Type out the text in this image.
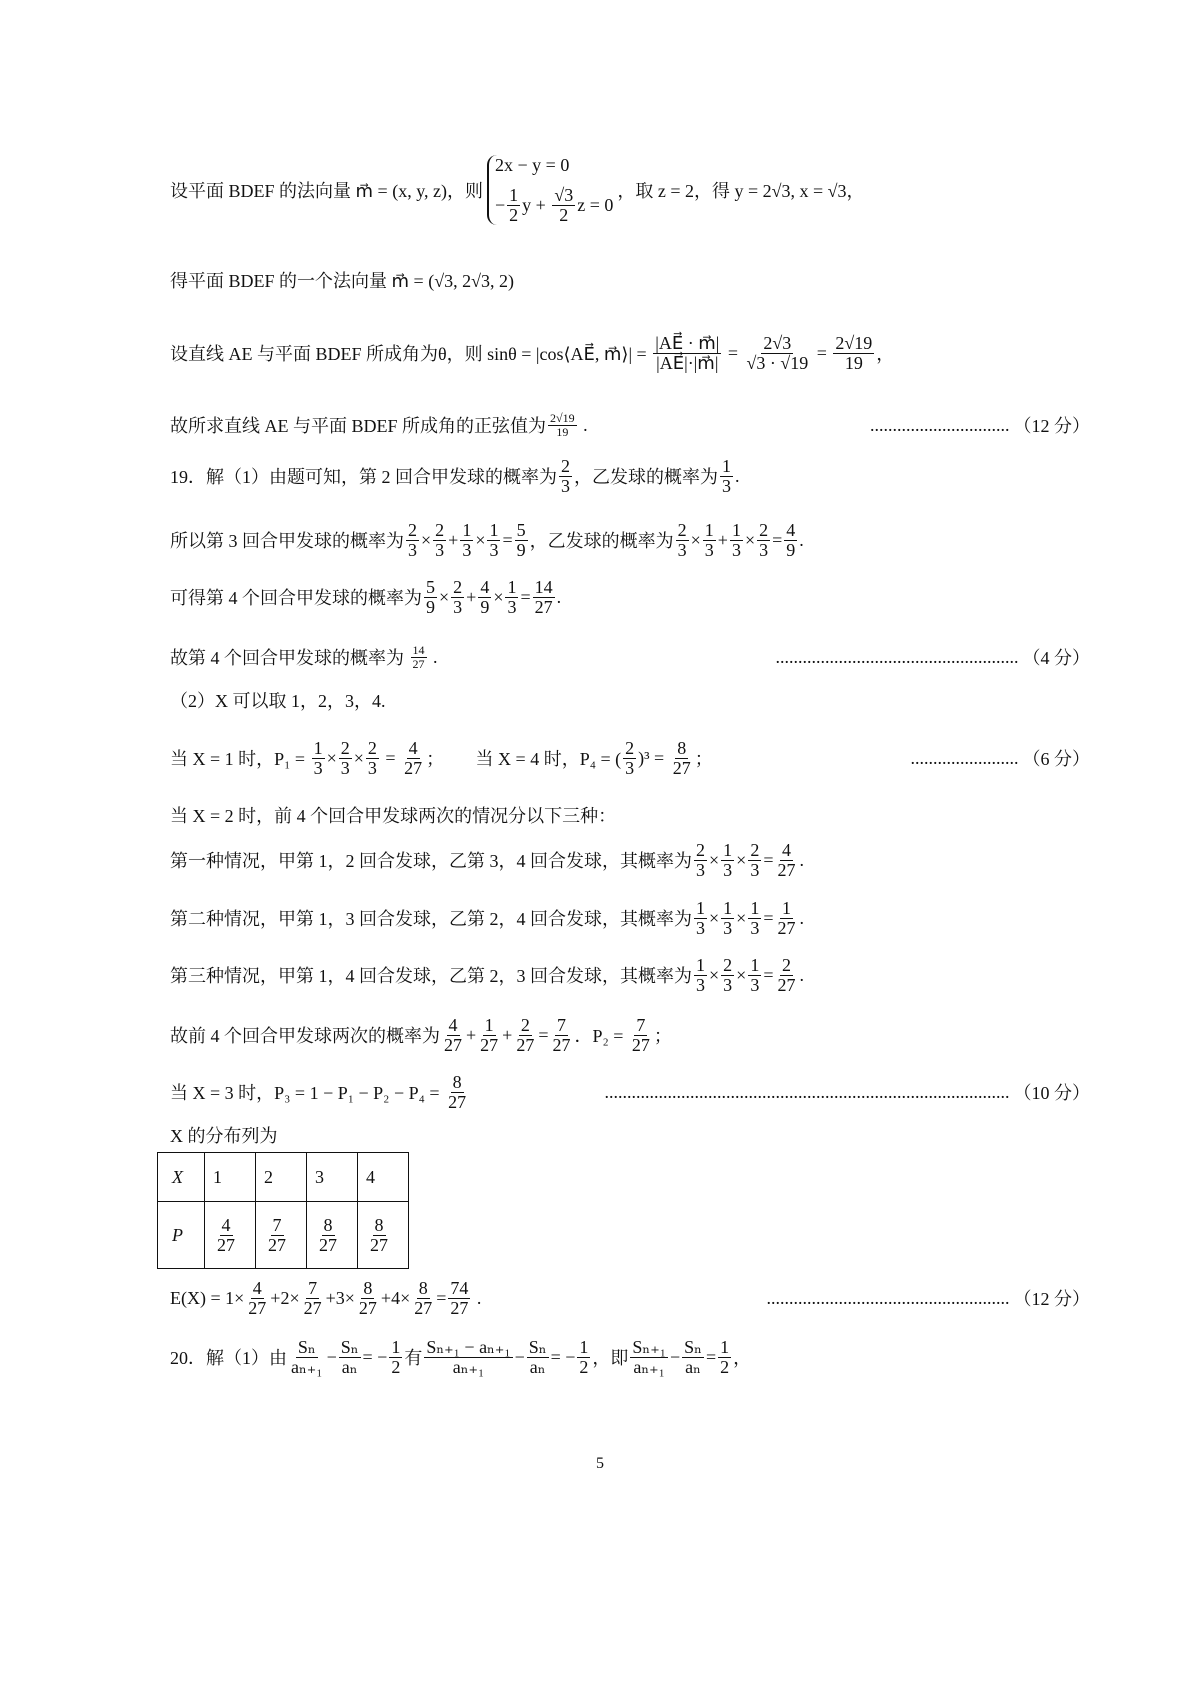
设平面 BDEF 的法向量 m⃗ = (x, y, z)，则
2x − y = 0
− $\frac{1}{2}$ $y + \frac{√3}{2}$ z = 0
，取 z = 2，得 y = 2√3, x = √3，
得平面 BDEF 的一个法向量 m⃗ = (√3, 2√3, 2)
设直线 AE 与平面 BDEF 所成角为θ，则 sinθ = |cos⟨AE⃗, m⃗⟩| = $\frac{|AE⃗ \cdot m⃗|}{|AE⃗|\cdot|m⃗|} = \frac{2√3}{√3 \cdot √19} = \frac{2√19}{19}$ ，
故所求直线 AE 与平面 BDEF 所成角的正弦值为 $\frac{2√19}{19}$ .	............................... （12 分）
19．解（1）由题可知，第 2 回合甲发球的概率为 $\frac{2}{3}$ ，乙发球的概率为 $\frac{1}{3}$ .
所以第 3 回合甲发球的概率为 $\frac{2}{3} \times \frac{2}{3} + \frac{1}{3} \times \frac{1}{3} = \frac{5}{9}$ ，乙发球的概率为 $\frac{2}{3} \times \frac{1}{3} + \frac{1}{3} \times \frac{2}{3} = \frac{4}{9}$ .
可得第 4 个回合甲发球的概率为 $\frac{5}{9} \times \frac{2}{3} + \frac{4}{9} \times \frac{1}{3} = \frac{14}{27}$ .
故第 4 个回合甲发球的概率为 $\frac{14}{27}$ .	...................................................... （4 分）
（2）X 可以取 1，2，3，4.
当 X = 1 时，$P_1 = \frac{1}{3} \times \frac{2}{3} \times \frac{2}{3} = \frac{4}{27}$ ；       当 X = 4 时，P₄ = ( $\frac{2}{3} )^3 = \frac{8}{27}$ ；	........................ （6 分）
当 X = 2 时，前 4 个回合甲发球两次的情况分以下三种：
第一种情况，甲第 1，2 回合发球，乙第 3，4 回合发球，其概率为 $\frac{2}{3} \times \frac{1}{3} \times \frac{2}{3} = \frac{4}{27}$ .
第二种情况，甲第 1，3 回合发球，乙第 2，4 回合发球，其概率为 $\frac{1}{3} \times \frac{1}{3} \times \frac{1}{3} = \frac{1}{27}$ .
第三种情况，甲第 1，4 回合发球，乙第 2，3 回合发球，其概率为 $\frac{1}{3} \times \frac{2}{3} \times \frac{1}{3} = \frac{2}{27}$ .
故前 4 个回合甲发球两次的概率为 $\frac{4}{27} + \frac{1}{27} + \frac{2}{27} = \frac{7}{27}$ ．$P_2 = \frac{7}{27}$ ；
当 X = 3 时，$P_3 = 1 - P_1 - P_2 - P_4 = \frac{8}{27}$	.......................................................................................... （10 分）
X 的分布列为
$E(X) = 1\times \frac{4}{27} +2\times \frac{7}{27} +3\times \frac{8}{27} +4\times \frac{8}{27} = \frac{74}{27}$ .	...................................................... （12 分）
20．解（1）由 $\frac{\text{Sₙ}}{\text{aₙ₊₁}} - \frac{\text{Sₙ}}{\text{aₙ}}$ = − $\frac{1}{2}$ 有 $\frac{\text{Sₙ₊₁ − aₙ₊₁}}{\text{aₙ₊₁}} - \frac{\text{Sₙ}}{\text{aₙ}}$ = − $\frac{1}{2}$ ，即 $\frac{\text{Sₙ₊₁}}{\text{aₙ₊₁}} - \frac{\text{Sₙ}}{\text{aₙ}} = \frac{1}{2}$ ，
X	1	2	3	4
P	$\frac{4}{27}$	$\frac{7}{27}$	$\frac{8}{27}$	$\frac{8}{27}$
5
